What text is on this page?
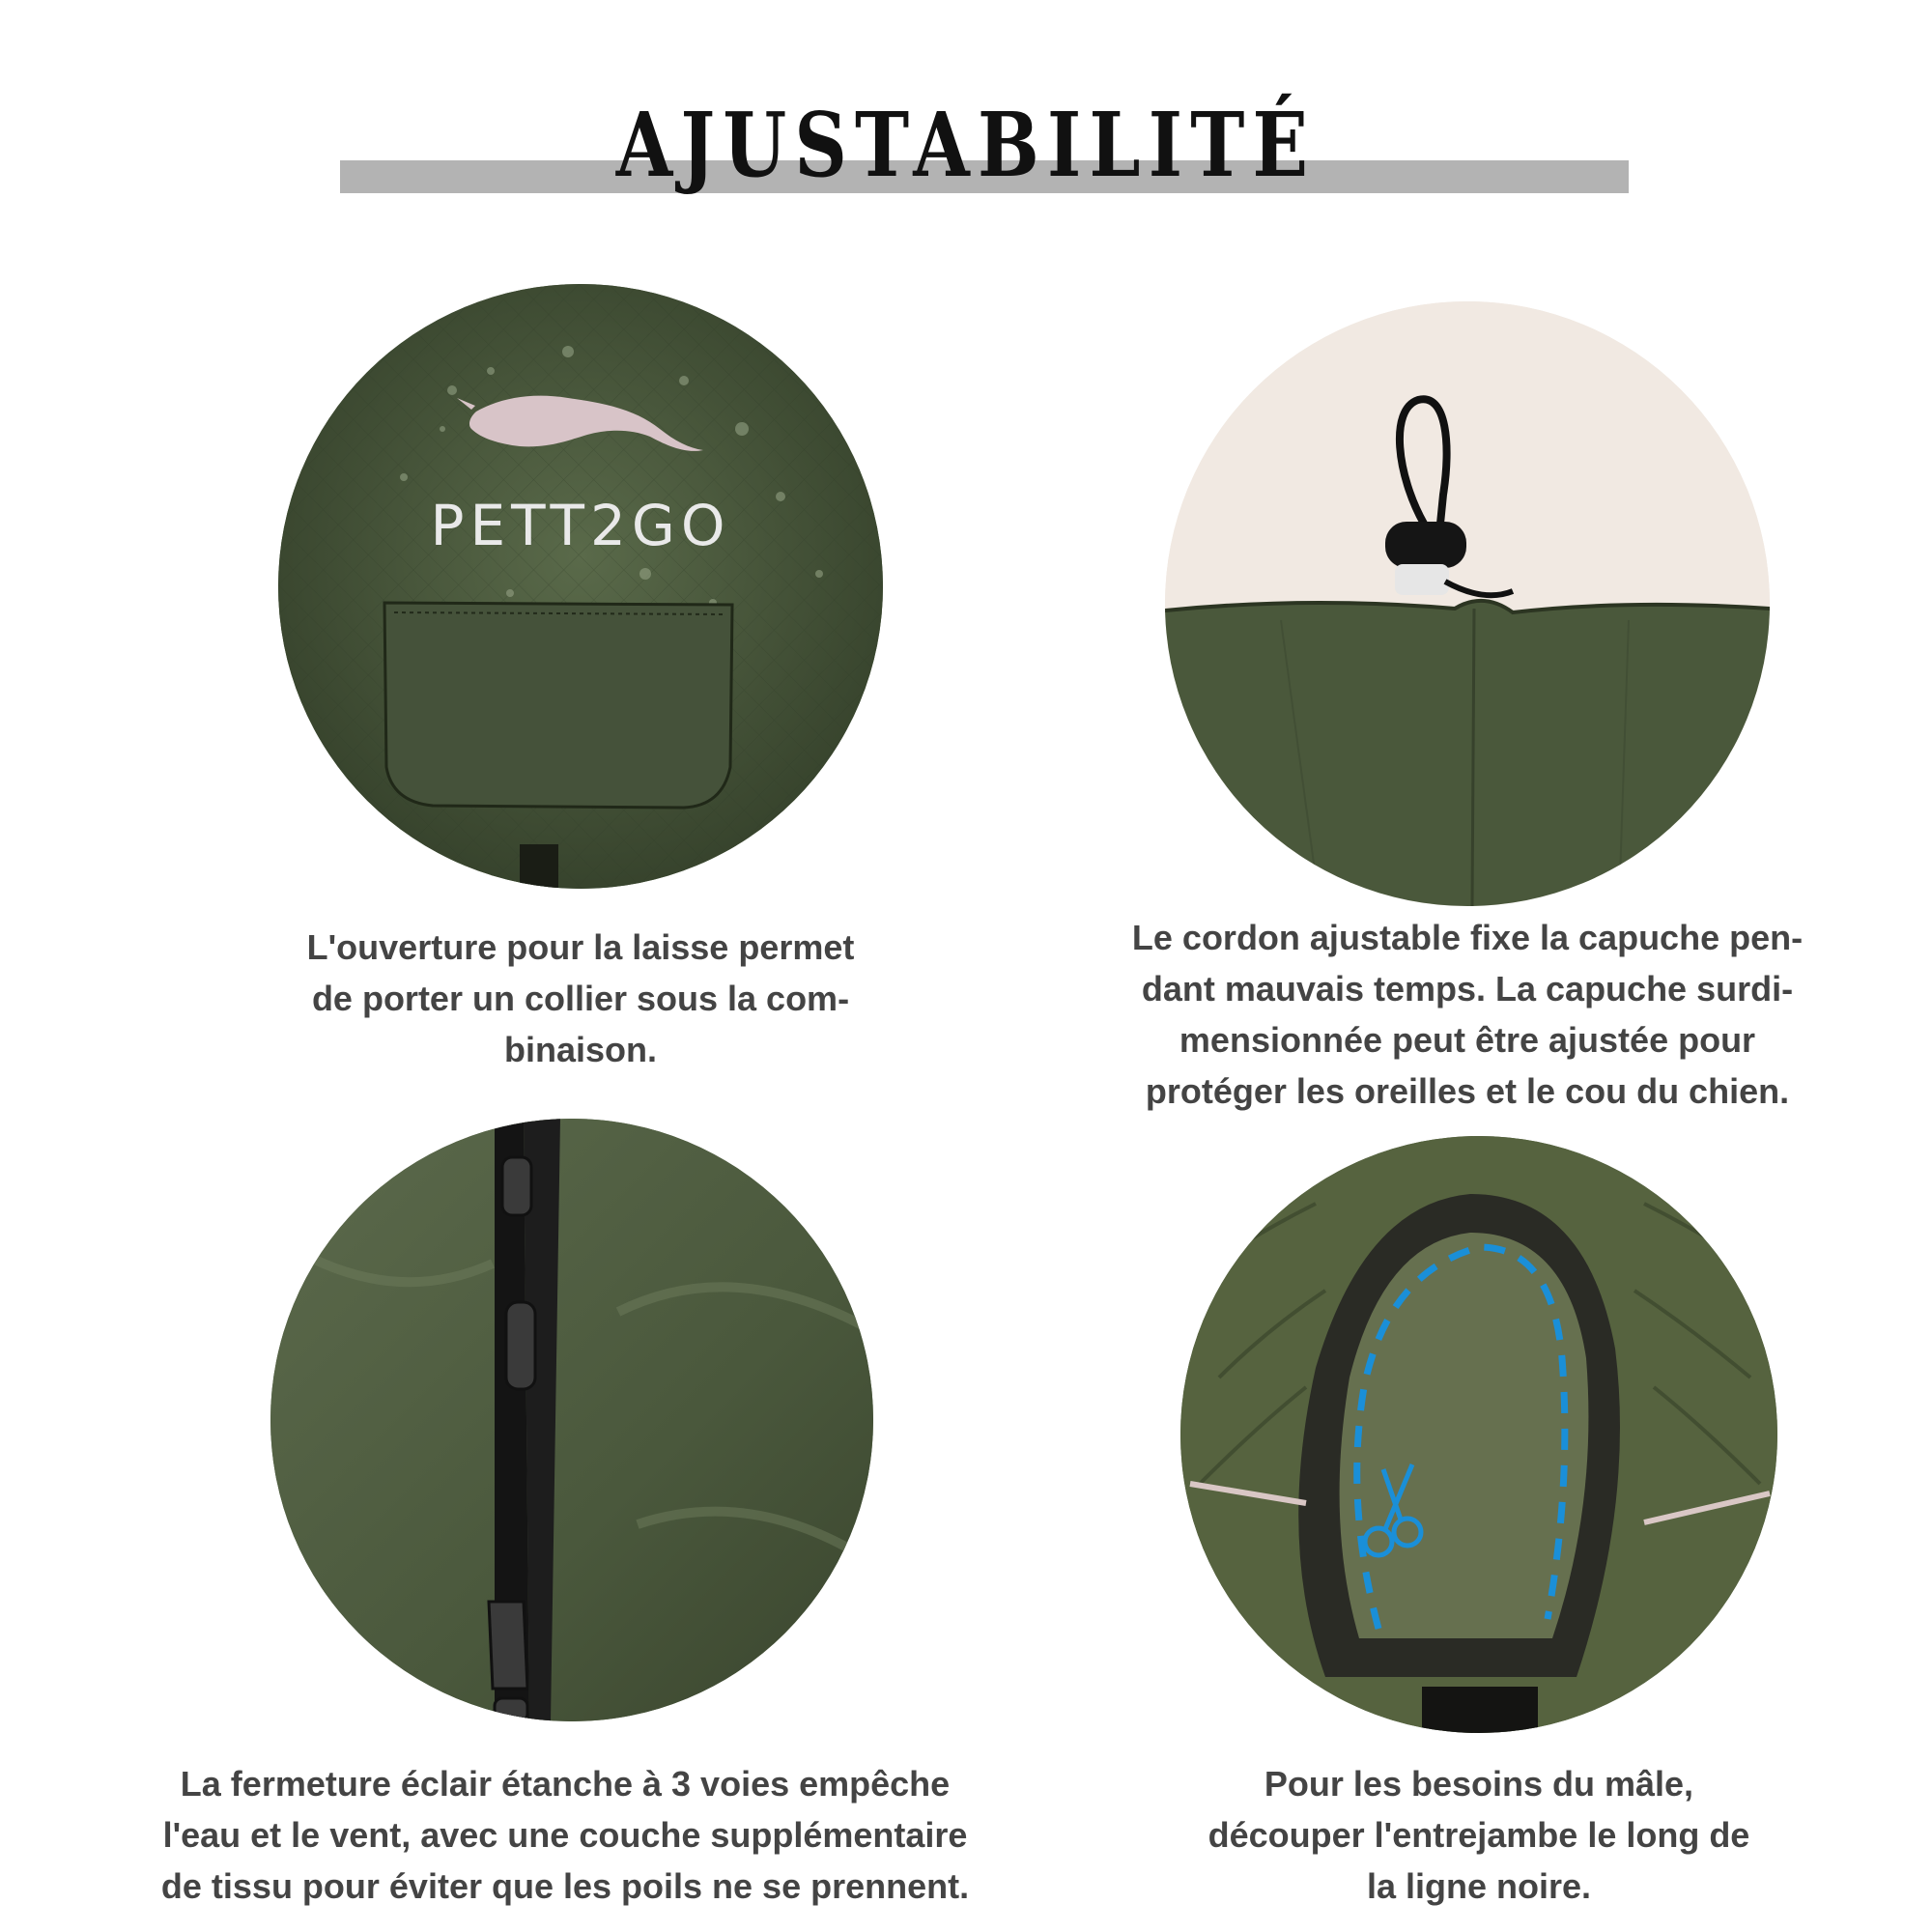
AJUSTABILITÉ
PETT2GO
L'ouverture pour la laisse permet
de porter un collier sous la com-
binaison.
Le cordon ajustable fixe la capuche pen-
dant mauvais temps. La capuche surdi-
mensionnée peut être ajustée pour
protéger les oreilles et le cou du chien.
La fermeture éclair étanche à 3 voies empêche
l'eau et le vent, avec une couche supplémentaire
de tissu pour éviter que les poils ne se prennent.
Pour les besoins du mâle,
découper l'entrejambe le long de
la ligne noire.
